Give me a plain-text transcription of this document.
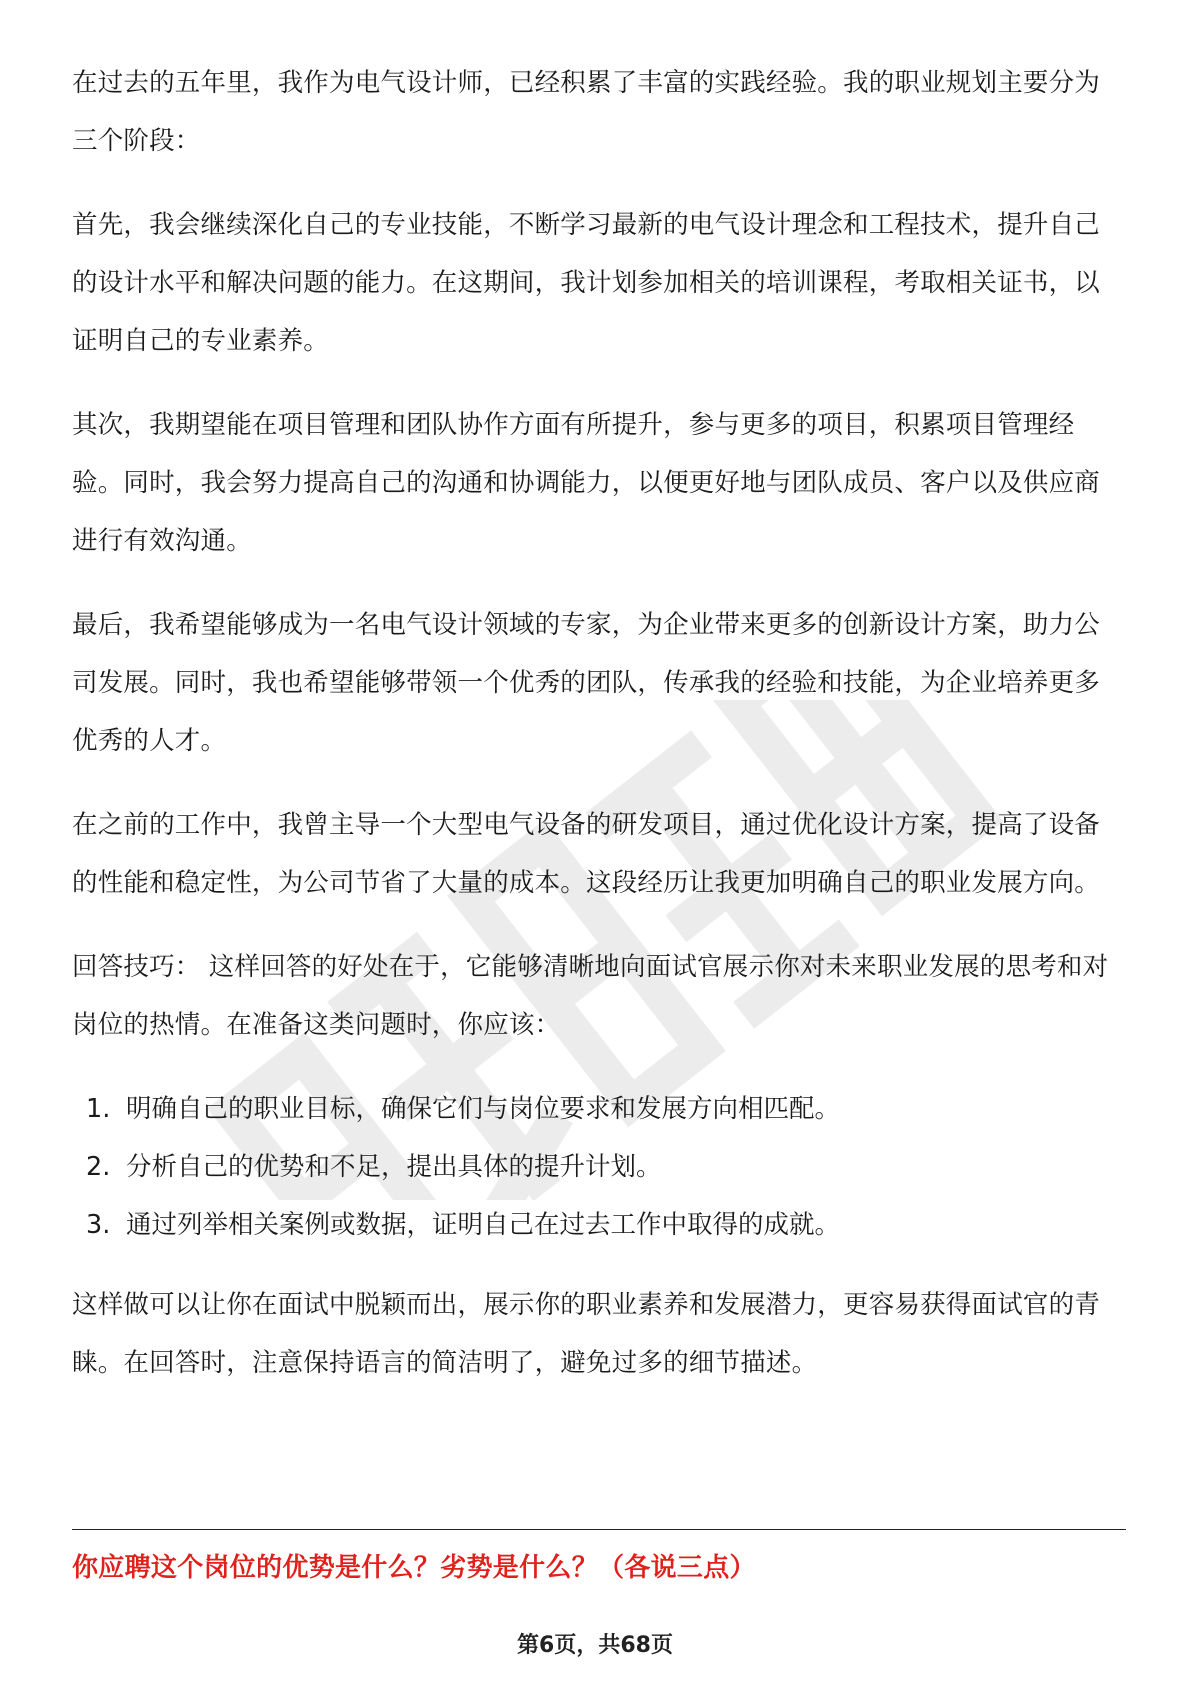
在过去的五年里，我作为电气设计师，已经积累了丰富的实践经验。我的职业规划主要分为三个阶段：

首先，我会继续深化自己的专业技能，不断学习最新的电气设计理念和工程技术，提升自己的设计水平和解决问题的能力。在这期间，我计划参加相关的培训课程，考取相关证书，以证明自己的专业素养。

其次，我期望能在项目管理和团队协作方面有所提升，参与更多的项目，积累项目管理经验。同时，我会努力提高自己的沟通和协调能力，以便更好地与团队成员、客户以及供应商进行有效沟通。

最后，我希望能够成为一名电气设计领域的专家，为企业带来更多的创新设计方案，助力公司发展。同时，我也希望能够带领一个优秀的团队，传承我的经验和技能，为企业培养更多优秀的人才。

在之前的工作中，我曾主导一个大型电气设备的研发项目，通过优化设计方案，提高了设备的性能和稳定性，为公司节省了大量的成本。这段经历让我更加明确自己的职业发展方向。

回答技巧： 这样回答的好处在于，它能够清晰地向面试官展示你对未来职业发展的思考和对岗位的热情。在准备这类问题时，你应该：

1. 明确自己的职业目标，确保它们与岗位要求和发展方向相匹配。
2. 分析自己的优势和不足，提出具体的提升计划。
3. 通过列举相关案例或数据，证明自己在过去工作中取得的成就。

这样做可以让你在面试中脱颖而出，展示你的职业素养和发展潜力，更容易获得面试官的青睐。在回答时，注意保持语言的简洁明了，避免过多的细节描述。

你应聘这个岗位的优势是什么？劣势是什么？（各说三点）
第6页，共68页
